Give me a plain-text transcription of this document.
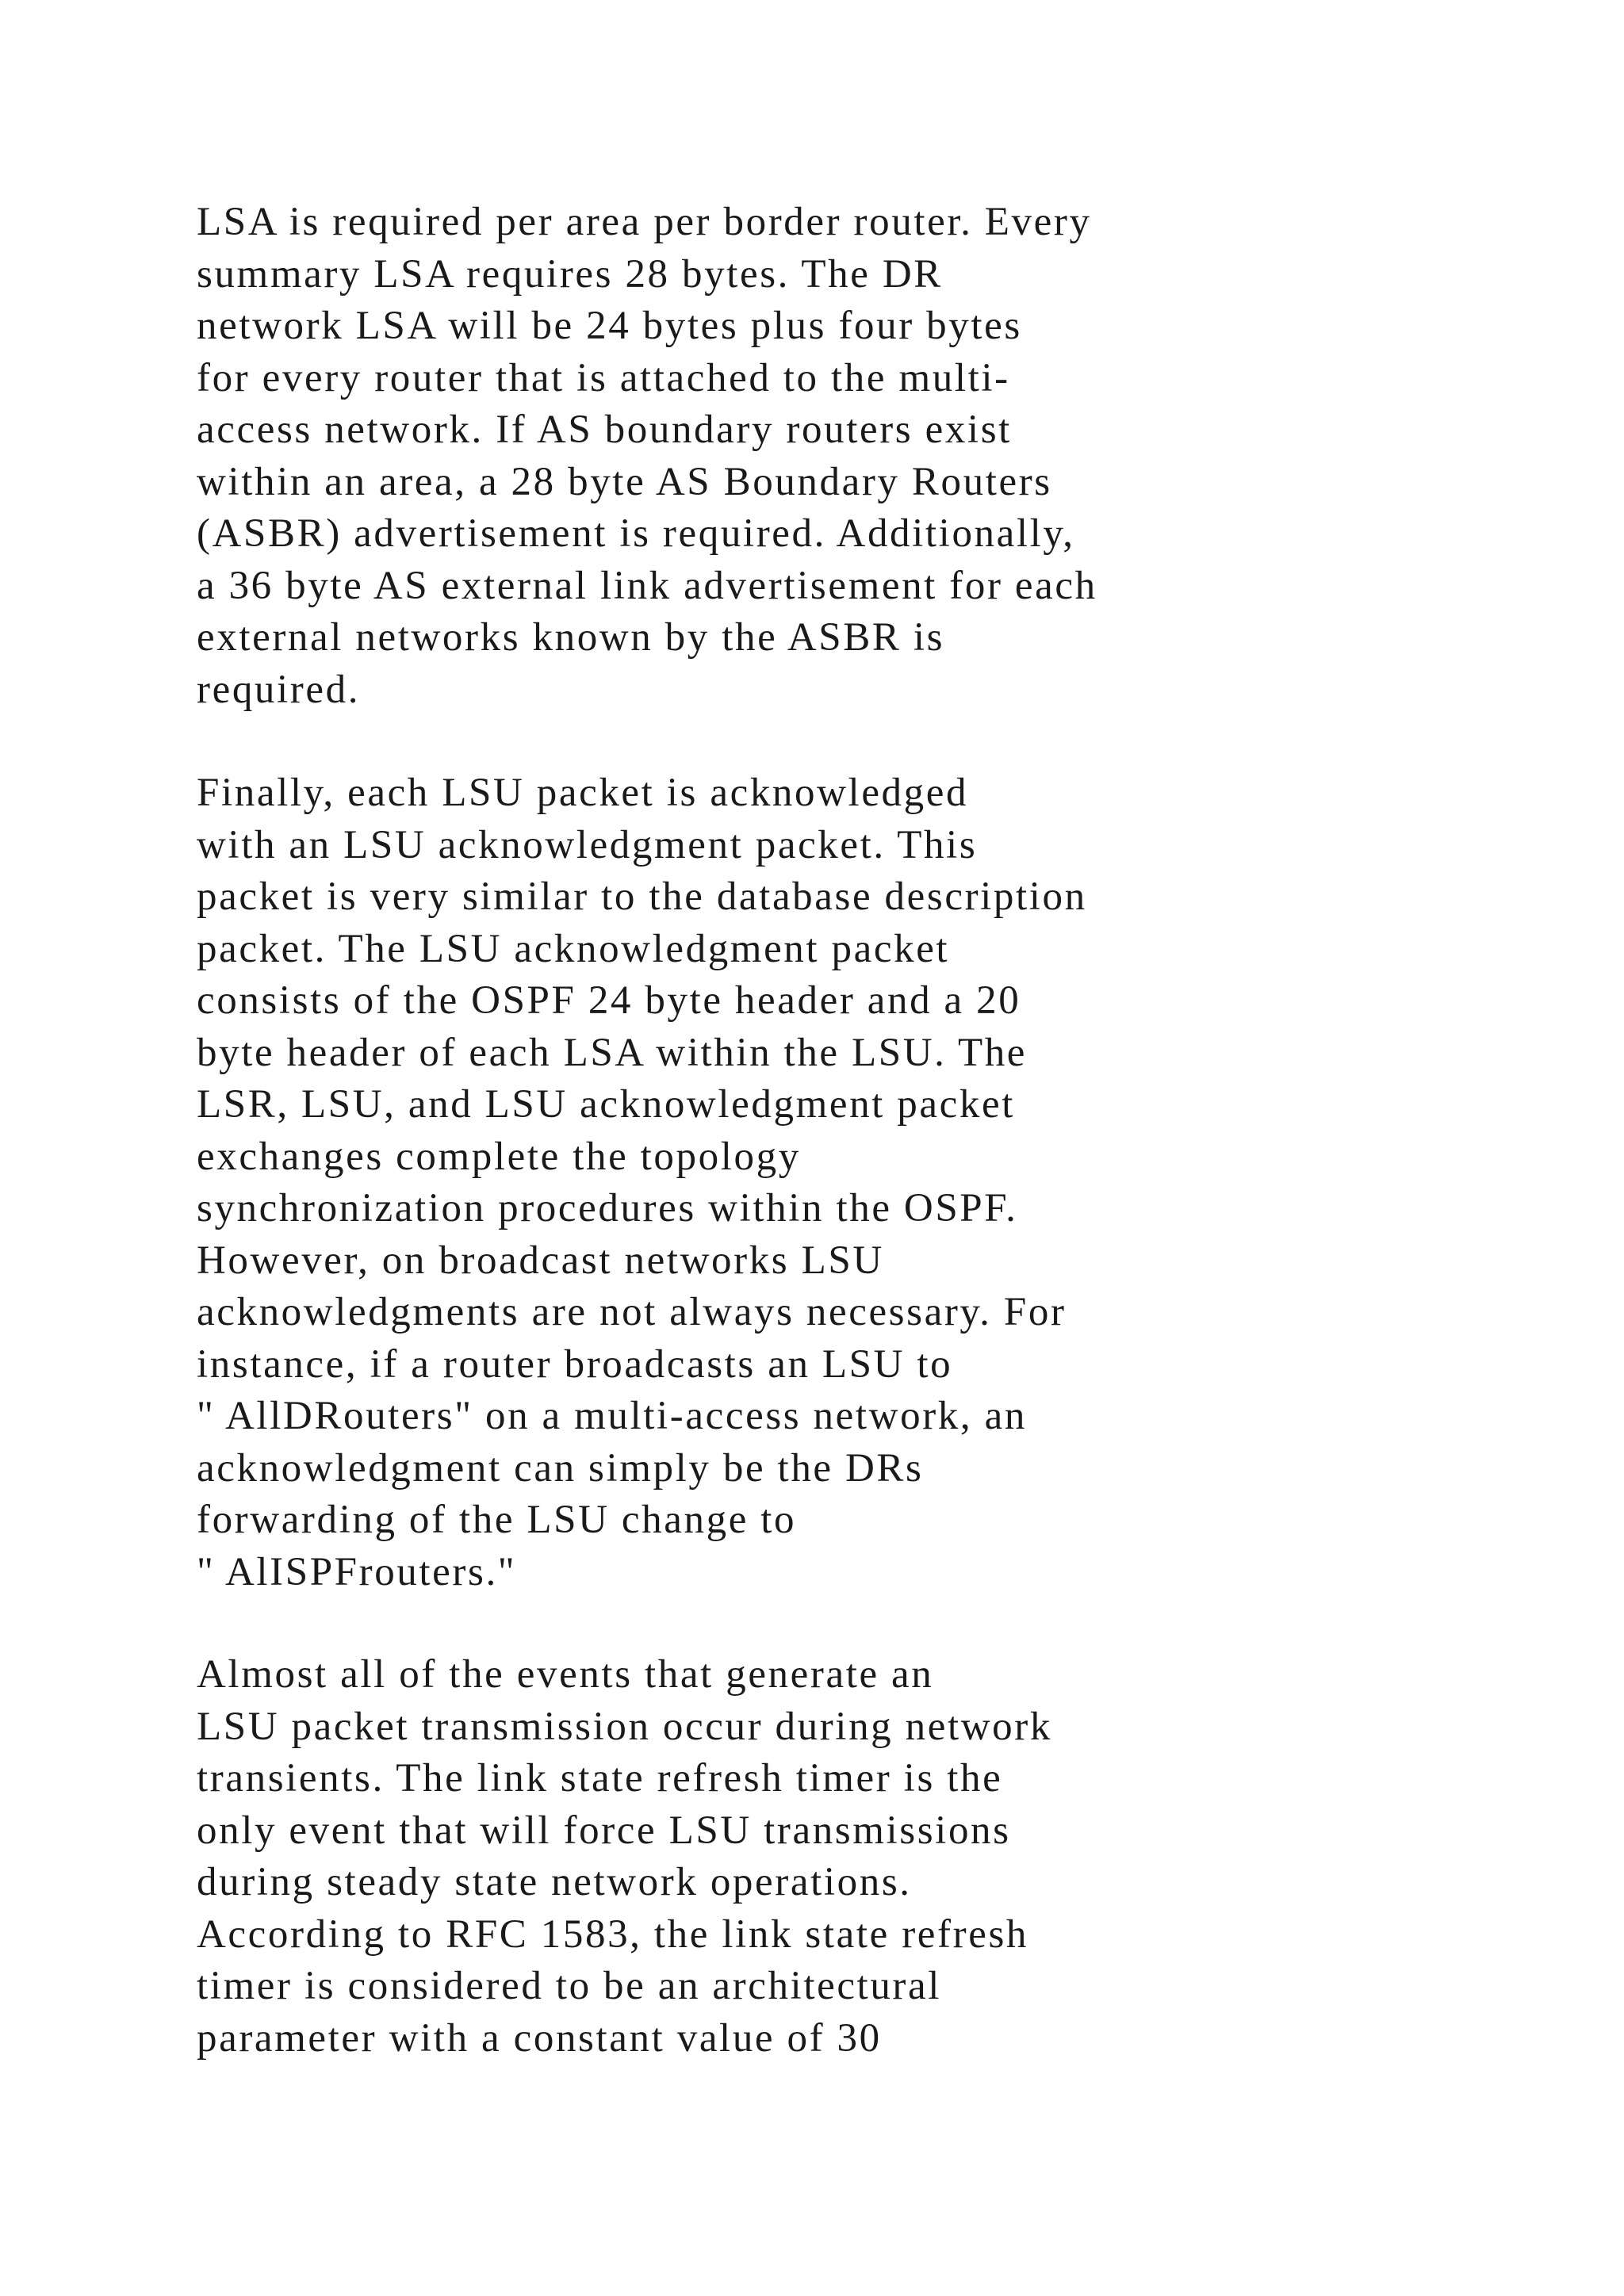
LSA is required per area per border router. Every
summary LSA requires 28 bytes. The DR
network LSA will be 24 bytes plus four bytes
for every router that is attached to the multi-
access network. If AS boundary routers exist
within an area, a 28 byte AS Boundary Routers
(ASBR) advertisement is required. Additionally,
a 36 byte AS external link advertisement for each
external networks known by the ASBR is
required.
Finally, each LSU packet is acknowledged
with an LSU acknowledgment packet. This
packet is very similar to the database description
packet. The LSU acknowledgment packet
consists of the OSPF 24 byte header and a 20
byte header of each LSA within the LSU. The
LSR, LSU, and LSU acknowledgment packet
exchanges complete the topology
synchronization procedures within the OSPF.
However, on broadcast networks LSU
acknowledgments are not always necessary. For
instance, if a router broadcasts an LSU to
" AllDRouters" on a multi-access network, an
acknowledgment can simply be the DRs
forwarding of the LSU change to
" AlISPFrouters."
Almost all of the events that generate an
LSU packet transmission occur during network
transients. The link state refresh timer is the
only event that will force LSU transmissions
during steady state network operations.
According to RFC 1583, the link state refresh
timer is considered to be an architectural
parameter with a constant value of 30
